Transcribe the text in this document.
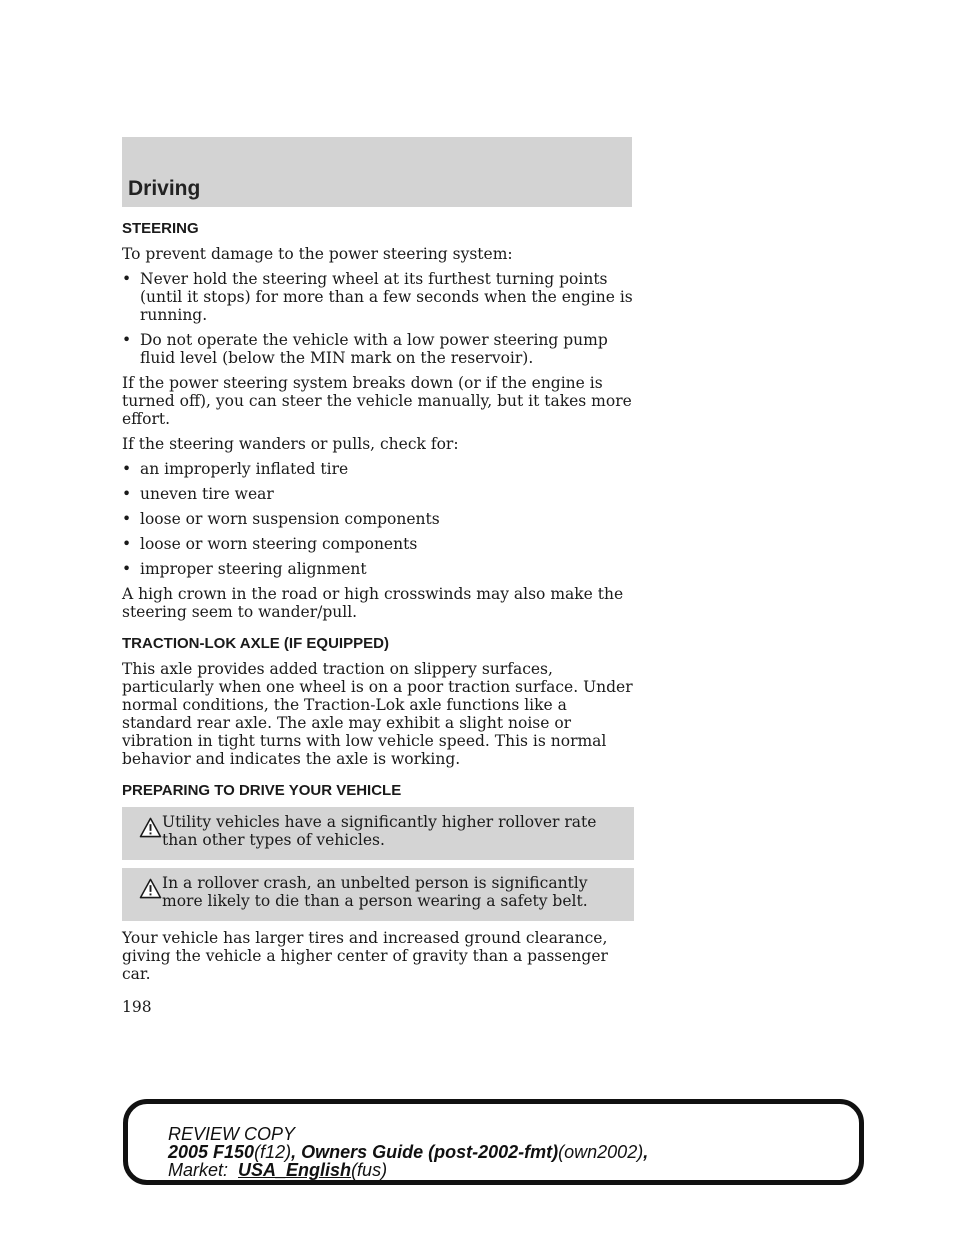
Driving
STEERING

To prevent damage to the power steering system:

• Never hold the steering wheel at its furthest turning points (until it stops) for more than a few seconds when the engine is running.
• Do not operate the vehicle with a low power steering pump fluid level (below the MIN mark on the reservoir).

If the power steering system breaks down (or if the engine is turned off), you can steer the vehicle manually, but it takes more effort.

If the steering wanders or pulls, check for:

• an improperly inflated tire
• uneven tire wear
• loose or worn suspension components
• loose or worn steering components
• improper steering alignment

A high crown in the road or high crosswinds may also make the steering seem to wander/pull.

TRACTION-LOK AXLE (IF EQUIPPED)

This axle provides added traction on slippery surfaces, particularly when one wheel is on a poor traction surface. Under normal conditions, the Traction-Lok axle functions like a standard rear axle. The axle may exhibit a slight noise or vibration in tight turns with low vehicle speed. This is normal behavior and indicates the axle is working.

PREPARING TO DRIVE YOUR VEHICLE
Utility vehicles have a significantly higher rollover rate than other types of vehicles.
In a rollover crash, an unbelted person is significantly more likely to die than a person wearing a safety belt.

Your vehicle has larger tires and increased ground clearance, giving the vehicle a higher center of gravity than a passenger car.

198
REVIEW COPY
2005 F150(f12), Owners Guide (post-2002-fmt)(own2002),
Market: USA_English(fus)
